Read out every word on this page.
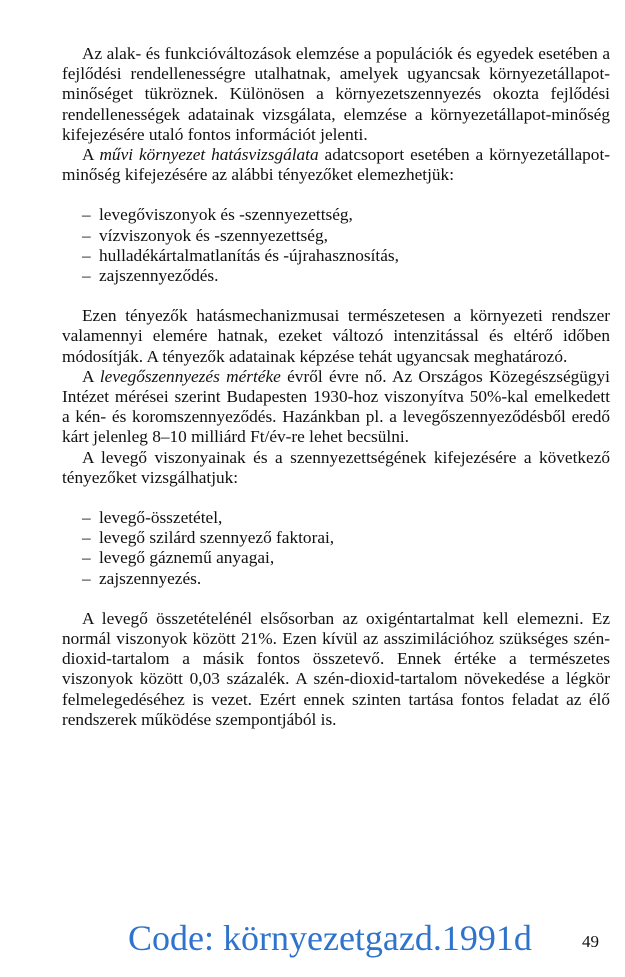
Az alak- és funkcióváltozások elemzése a populációk és egyedek esetében a fejlődési rendellenességre utalhatnak, amelyek ugyancsak környezetállapot-minőséget tükröznek. Különösen a környezetszennyezés okozta fejlődési rendellenességek adatainak vizsgálata, elemzése a környezetállapot-minőség kifejezésére utaló fontos információt jelenti.

A művi környezet hatásvizsgálata adatcsoport esetében a környezetállapot-minőség kifejezésére az alábbi tényezőket elemezhetjük:

– levegőviszonyok és -szennyezettség,
– vízviszonyok és -szennyezettség,
– hulladékártalmatlanítás és -újrahasznosítás,
– zajszennyeződés.

Ezen tényezők hatásmechanizmusai természetesen a környezeti rendszer valamennyi elemére hatnak, ezeket változó intenzitással és eltérő időben módosítják. A tényezők adatainak képzése tehát ugyancsak meghatározó.

A levegőszennyezés mértéke évről évre nő. Az Országos Közegészségügyi Intézet mérései szerint Budapesten 1930-hoz viszonyítva 50%-kal emelkedett a kén- és koromszennyeződés. Hazánkban pl. a levegőszennyeződésből eredő kárt jelenleg 8–10 milliárd Ft/év-re lehet becsülni.

A levegő viszonyainak és a szennyezettségének kifejezésére a következő tényezőket vizsgálhatjuk:

– levegő-összetétel,
– levegő szilárd szennyező faktorai,
– levegő gáznemű anyagai,
– zajszennyezés.

A levegő összetételénél elsősorban az oxigéntartalmat kell elemezni. Ez normál viszonyok között 21%. Ezen kívül az asszimilációhoz szükséges szén-dioxid-tartalom a másik fontos összetevő. Ennek értéke a természetes viszonyok között 0,03 százalék. A szén-dioxid-tartalom növekedése a légkör felmelegedéséhez is vezet. Ezért ennek szinten tartása fontos feladat az élő rendszerek működése szempontjából is.

Code: környezetgazd.1991d	49
